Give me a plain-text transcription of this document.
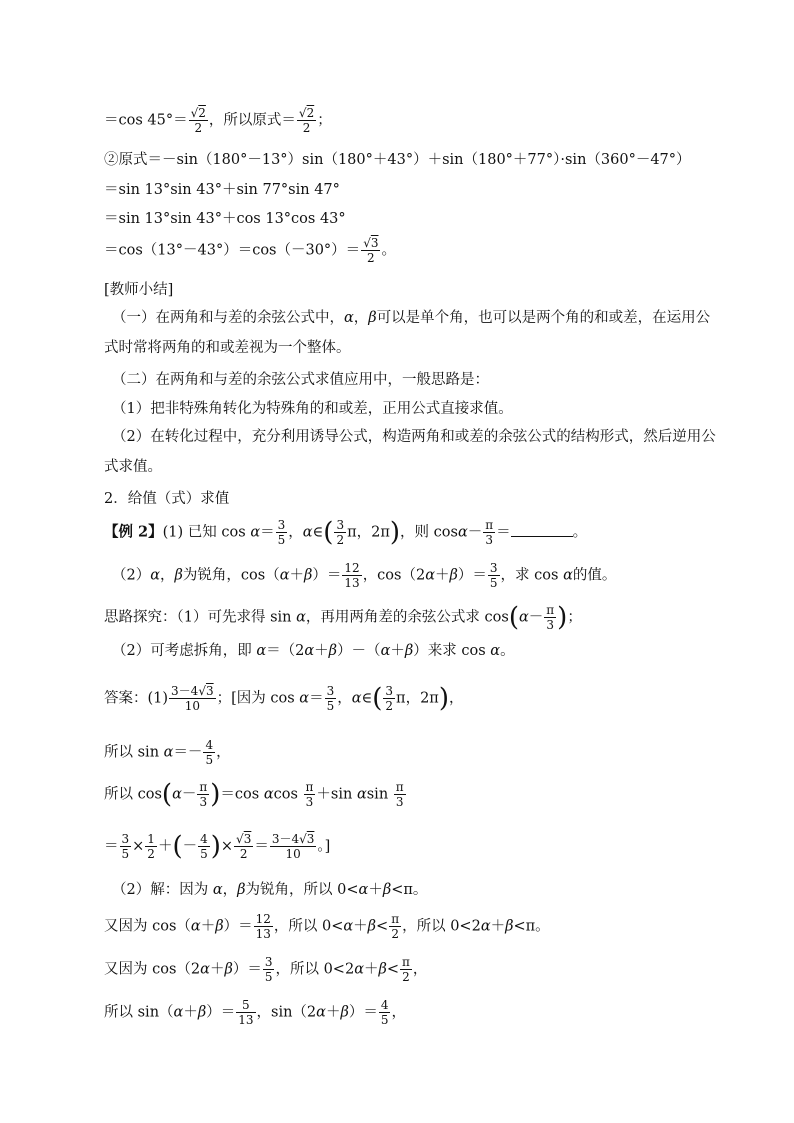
＝cos $45^\circ= \frac{√2}{2}$ ，所以原式＝ $\frac{√2}{2}$ ；
②原式＝－sin（180°－13°）sin（180°＋43°）＋sin（180°＋77°）·sin（360°－47°）
＝sin 13°sin 43°＋sin 77°sin 47°
＝sin 13°sin 43°＋cos 13°cos 43°
$=\cos(13^\circ-43^\circ)=\cos(-30^\circ)= \frac{√3}{2}$ 。
[教师小结]
（一）在两角和与差的余弦公式中，α，β可以是单个角，也可以是两个角的和或差，在运用公式时常将两角的和或差视为一个整体。
（二）在两角和与差的余弦公式求值应用中，一般思路是：
（1）把非特殊角转化为特殊角的和或差，正用公式直接求值。
（2）在转化过程中，充分利用诱导公式，构造两角和或差的余弦公式的结构形式，然后逆用公式求值。
2．给值（式）求值
【例 2】(1) 已知 $\cos \alpha= \frac{3}{5}$ ，α∈( $\frac{3}{2}$ π，2π)，则 $\cos\alpha- \frac{\pi}{3}$ ＝	。
（2）α，β为锐角，$\cos(\alpha+\beta)= \frac{12}{13}$ ，$\cos(2\alpha+\beta)= \frac{3}{5}$ ，求 cos α的值。
思路探究：（1）可先求得 sin α，再用两角差的余弦公式求 $\cos(\alpha- \frac{\pi}{3}$ )；
（2）可考虑拆角，即 α＝（2α＋β）－（α＋β）来求 cos α。
答案：$(1) \frac{3-4√3}{10}$ ；[因为 $\cos \alpha= \frac{3}{5}$ ，α∈( $\frac{3}{2}$ π，2π)，
所以 $\sin \alpha=- \frac{4}{5}$ ，
所以 $\cos(\alpha- \frac{\pi}{3} )=\cos$ αcos $\frac{\pi}{3} +\sin$ αsin $\frac{\pi}{3}$
＝ $\frac{3}{5} \times \frac{1}{2}$ ＋(－ $\frac{4}{5}$ )× $\frac{√3}{2} = \frac{3-4√3}{10}$ 。]
（2）解：因为 α，β为锐角，所以 0<α＋β<π。
又因为 $\cos(\alpha+\beta)= \frac{12}{13}$ ，所以 $0<\alpha+\beta< \frac{\pi}{2}$ ，所以 0<2α＋β<π。
又因为 $\cos(2\alpha+\beta)= \frac{3}{5}$ ，所以 $0<2\alpha+\beta< \frac{\pi}{2}$ ，
所以 $\sin(\alpha+\beta)= \frac{5}{13}$ ，$\sin(2\alpha+\beta)= \frac{4}{5}$ ，
